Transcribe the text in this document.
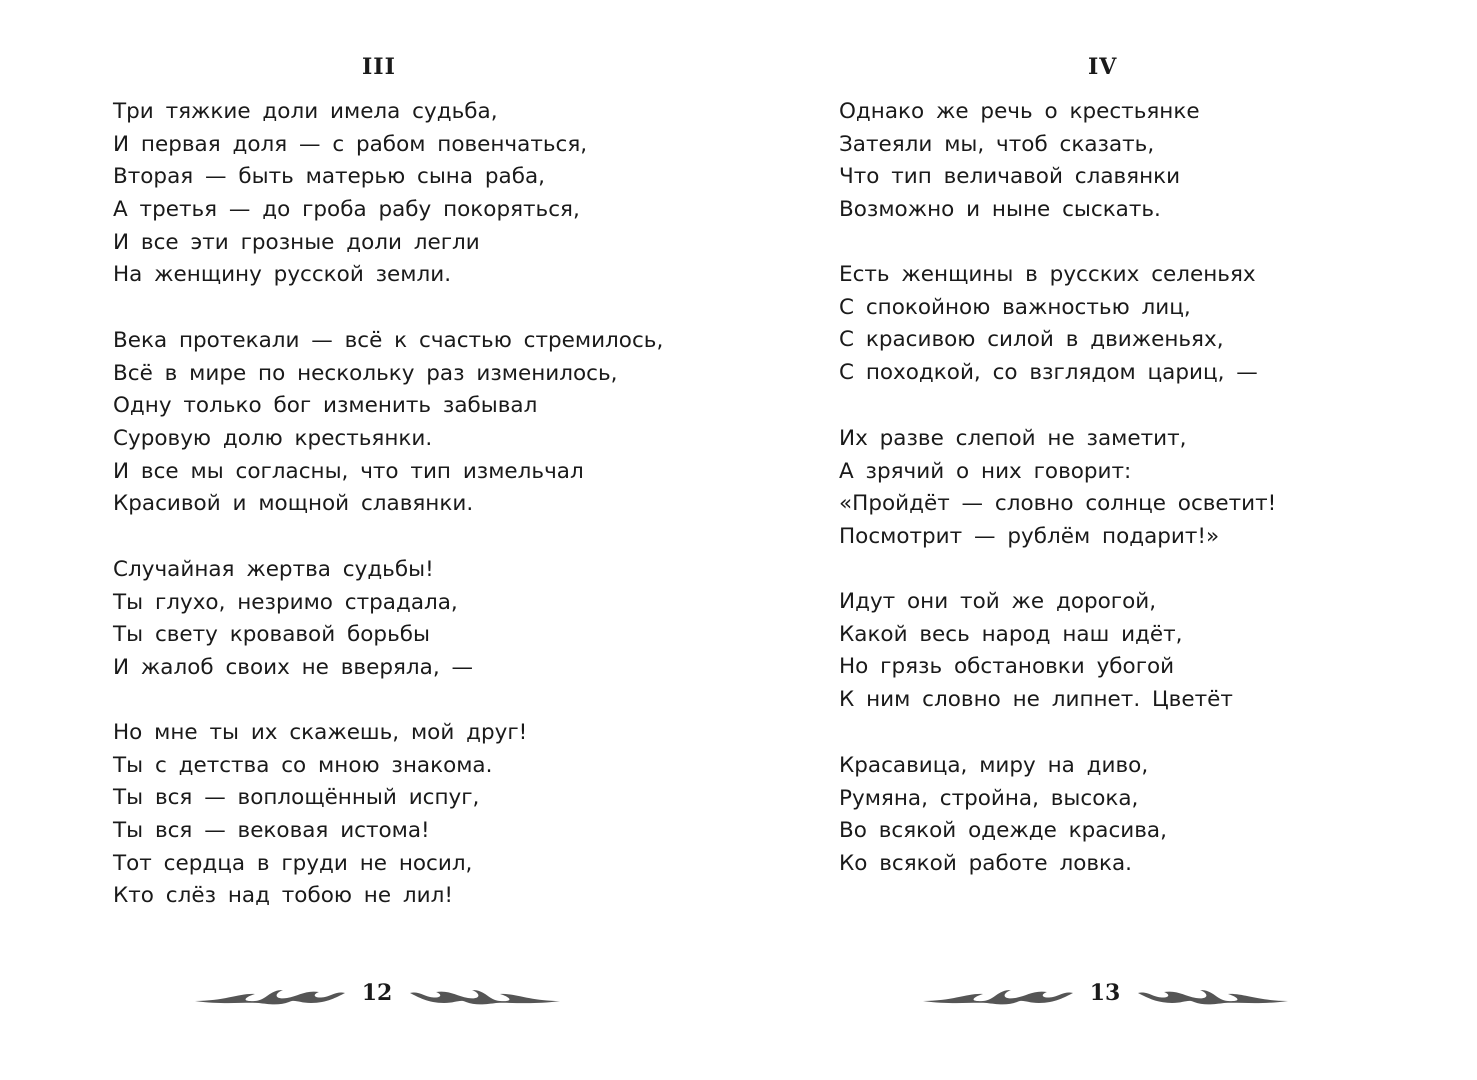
III
Три тяжкие доли имела судьба,
И первая доля — с рабом повенчаться,
Вторая — быть матерью сына раба,
А третья — до гроба рабу покоряться,
И все эти грозные доли легли
На женщину русской земли.
Века протекали — всё к счастью стремилось,
Всё в мире по нескольку раз изменилось,
Одну только бог изменить забывал
Суровую долю крестьянки.
И все мы согласны, что тип измельчал
Красивой и мощной славянки.
Случайная жертва судьбы!
Ты глухо, незримо страдала,
Ты свету кровавой борьбы
И жалоб своих не вверяла, —
Но мне ты их скажешь, мой друг!
Ты с детства со мною знакома.
Ты вся — воплощённый испуг,
Ты вся — вековая истома!
Тот сердца в груди не носил,
Кто слёз над тобою не лил!
12
IV
Однако же речь о крестьянке
Затеяли мы, чтоб сказать,
Что тип величавой славянки
Возможно и ныне сыскать.
Есть женщины в русских селеньях
С спокойною важностью лиц,
С красивою силой в движеньях,
С походкой, со взглядом цариц, —
Их разве слепой не заметит,
А зрячий о них говорит:
«Пройдёт — словно солнце осветит!
Посмотрит — рублём подарит!»
Идут они той же дорогой,
Какой весь народ наш идёт,
Но грязь обстановки убогой
К ним словно не липнет. Цветёт
Красавица, миру на диво,
Румяна, стройна, высока,
Во всякой одежде красива,
Ко всякой работе ловка.
13
